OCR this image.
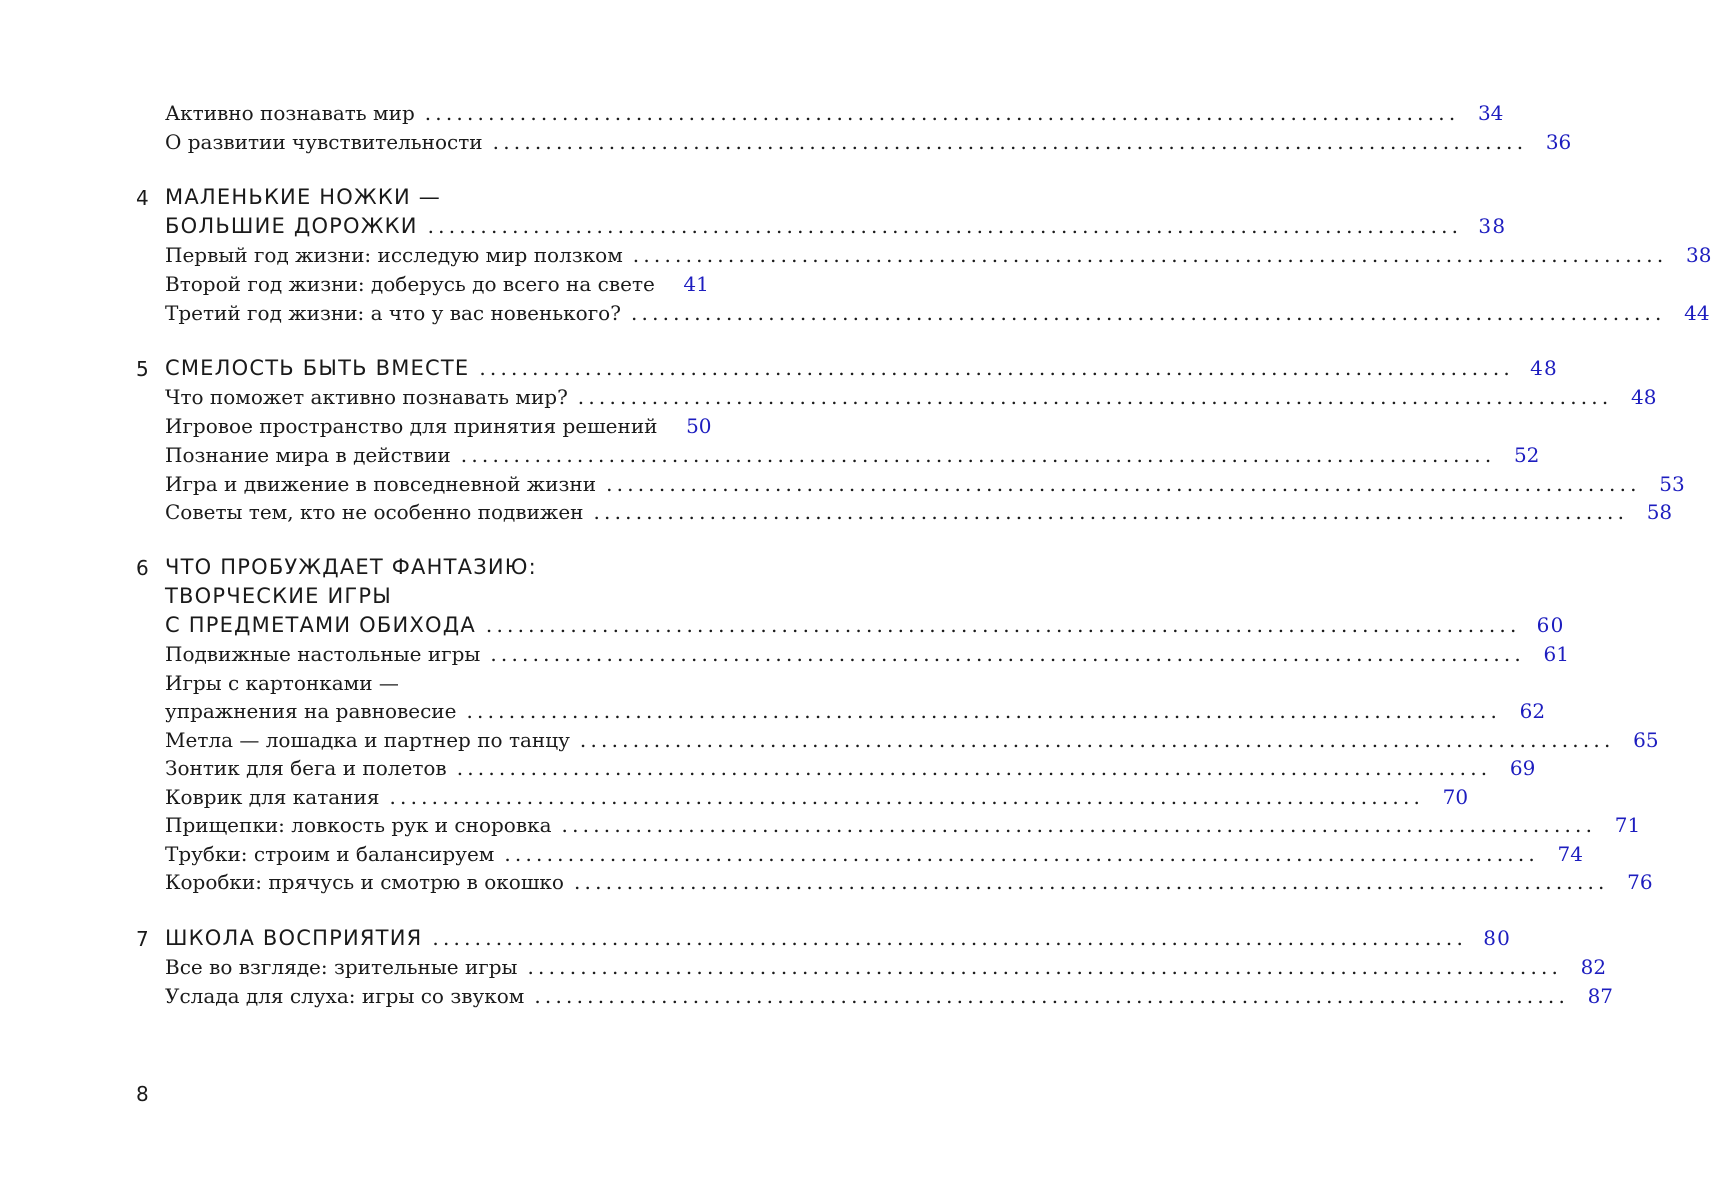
Активно познавать мир .................................................................................................. 34
О развитии чувствительности .................................................................................................. 36
4 МАЛЕНЬКИЕ НОЖКИ —
БОЛЬШИЕ ДОРОЖКИ .................................................................................................. 38
Первый год жизни: исследую мир ползком .................................................................................................. 38
Второй год жизни: доберусь до всего на свете	41
Третий год жизни: а что у вас новенького? .................................................................................................. 44
5 СМЕЛОСТЬ БЫТЬ ВМЕСТЕ .................................................................................................. 48
Что поможет активно познавать мир? .................................................................................................. 48
Игровое пространство для принятия решений	50
Познание мира в действии .................................................................................................. 52
Игра и движение в повседневной жизни .................................................................................................. 53
Советы тем, кто не особенно подвижен .................................................................................................. 58
6 ЧТО ПРОБУЖДАЕТ ФАНТАЗИЮ:
ТВОРЧЕСКИЕ ИГРЫ
С ПРЕДМЕТАМИ ОБИХОДА .................................................................................................. 60
Подвижные настольные игры .................................................................................................. 61
Игры с картонками —
упражнения на равновесие .................................................................................................. 62
Метла — лошадка и партнер по танцу .................................................................................................. 65
Зонтик для бега и полетов .................................................................................................. 69
Коврик для катания .................................................................................................. 70
Прищепки: ловкость рук и сноровка .................................................................................................. 71
Трубки: строим и балансируем .................................................................................................. 74
Коробки: прячусь и смотрю в окошко .................................................................................................. 76
7 ШКОЛА ВОСПРИЯТИЯ .................................................................................................. 80
Все во взгляде: зрительные игры .................................................................................................. 82
Услада для слуха: игры со звуком .................................................................................................. 87
8
